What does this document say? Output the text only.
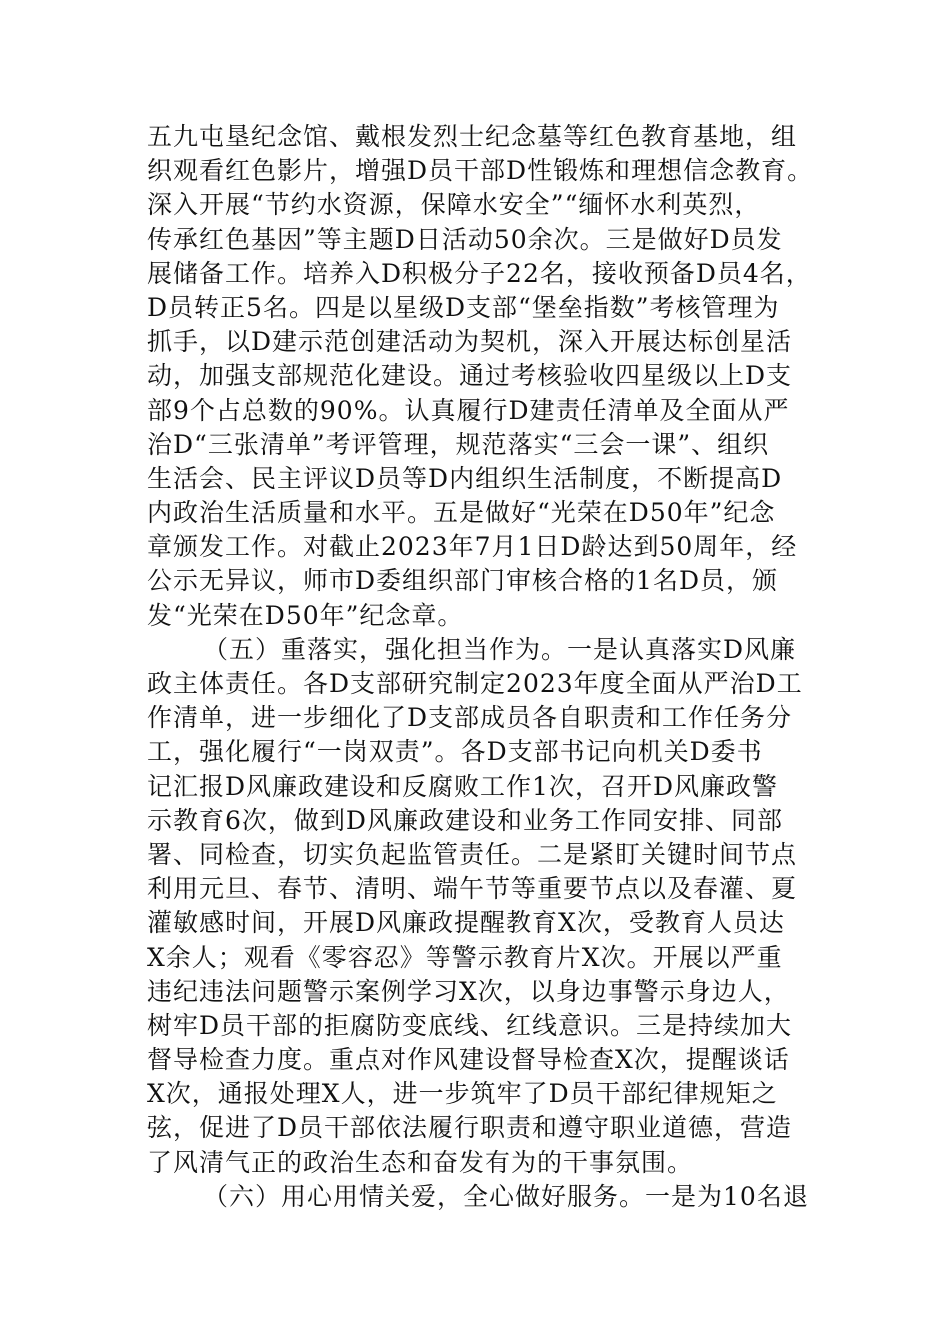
五九屯垦纪念馆、戴根发烈士纪念墓等红色教育基地，组
织观看红色影片，增强D员干部D性锻炼和理想信念教育。
深入开展“节约水资源，保障水安全”“缅怀水利英烈，
传承红色基因”等主题D日活动50余次。三是做好D员发
展储备工作。培养入D积极分子22名，接收预备D员4名，
D员转正5名。四是以星级D支部“堡垒指数”考核管理为
抓手，以D建示范创建活动为契机，深入开展达标创星活
动，加强支部规范化建设。通过考核验收四星级以上D支
部9个占总数的90%。认真履行D建责任清单及全面从严
治D“三张清单”考评管理，规范落实“三会一课”、组织
生活会、民主评议D员等D内组织生活制度，不断提高D
内政治生活质量和水平。五是做好“光荣在D50年”纪念
章颁发工作。对截止2023年7月1日D龄达到50周年，经
公示无异议，师市D委组织部门审核合格的1名D员，颁
发“光荣在D50年”纪念章。
（五）重落实，强化担当作为。一是认真落实D风廉
政主体责任。各D支部研究制定2023年度全面从严治D工
作清单，进一步细化了D支部成员各自职责和工作任务分
工，强化履行“一岗双责”。各D支部书记向机关D委书
记汇报D风廉政建设和反腐败工作1次，召开D风廉政警
示教育6次，做到D风廉政建设和业务工作同安排、同部
署、同检查，切实负起监管责任。二是紧盯关键时间节点
利用元旦、春节、清明、端午节等重要节点以及春灌、夏
灌敏感时间，开展D风廉政提醒教育X次，受教育人员达
X余人；观看《零容忍》等警示教育片X次。开展以严重
违纪违法问题警示案例学习X次，以身边事警示身边人，
树牢D员干部的拒腐防变底线、红线意识。三是持续加大
督导检查力度。重点对作风建设督导检查X次，提醒谈话
X次，通报处理X人，进一步筑牢了D员干部纪律规矩之
弦，促进了D员干部依法履行职责和遵守职业道德，营造
了风清气正的政治生态和奋发有为的干事氛围。
（六）用心用情关爱，全心做好服务。一是为10名退
